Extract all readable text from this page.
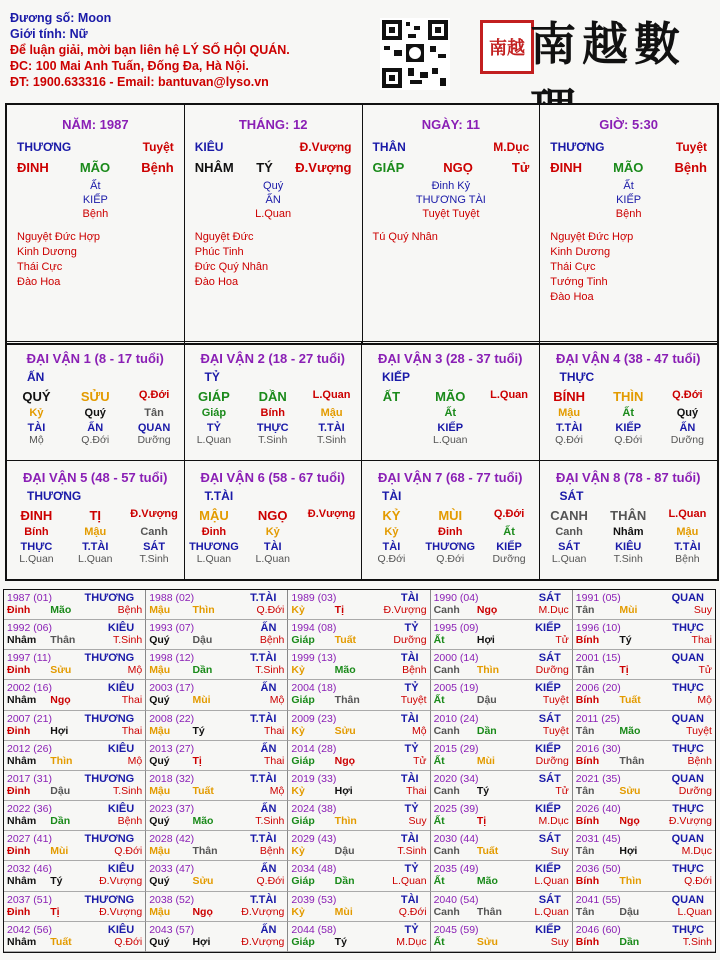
Đương số: Moon
Giới tính: Nữ
Để luận giải, mời bạn liên hệ LÝ SỐ HỘI QUÁN.
ĐC: 100 Mai Anh Tuấn, Đống Đa, Hà Nội.
ĐT: 1900.633316 - Email: bantuvan@lyso.vn
南越 南越數
NĂM: 1987
THƯƠNG	Tuyệt
ĐINH MÃO Bệnh
Ất
KIẾP
Bệnh
Nguyệt Đức Hợp
Kinh Dương
Thái Cực
Đào Hoa
THÁNG: 12
KIÊU	Đ.Vượng
NHÂM TÝ Đ.Vượng
Quý
ẤN
L.Quan
Nguyệt Đức
Phúc Tinh
Đức Quý Nhân
Đào Hoa
NGÀY: 11
THÂN	M.Dục
GIÁP	NGỌ	Tử
Đinh Kỷ
THƯƠNG TÀI
Tuyệt Tuyệt
Tú Quý Nhân
GIỜ: 5:30
THƯƠNG	Tuyệt
ĐINH MÃO Bệnh
Ất
KIẾP
Bệnh
Nguyệt Đức Hợp
Kinh Dương
Thái Cực
Tướng Tinh
Đào Hoa
ĐẠI VẬN 1 (8 - 17 tuổi)
ẤN
QUÝ	SỬU	Q.Đới
Kỷ	Quý	Tân
TÀI	ẤN	QUAN
Mộ	Q.Đới	Dưỡng
ĐẠI VẬN 2 (18 - 27 tuổi)
TỶ
GIÁP	DẦN	L.Quan
Giáp	Bính	Mậu
TỶ	THỰC	T.TÀI
L.Quan	T.Sinh	T.Sinh
ĐẠI VẬN 3 (28 - 37 tuổi)
KIẾP
ẤT	MÃO	L.Quan
Ất
KIẾP
L.Quan
ĐẠI VẬN 4 (38 - 47 tuổi)
THỰC
BÍNH	THÌN	Q.Đới
Mậu	Ất	Quý
T.TÀI	KIẾP	ẤN
Q.Đới	Q.Đới	Dưỡng
ĐẠI VẬN 5 (48 - 57 tuổi)
THƯƠNG
ĐINH	TỊ	Đ.Vượng
Bính	Mậu	Canh
THỰC	T.TÀI	SÁT
L.Quan	L.Quan	T.Sinh
ĐẠI VẬN 6 (58 - 67 tuổi)
T.TÀI
MẬU	NGỌ	Đ.Vượng
Đinh	Kỷ
THƯƠNG	TÀI
L.Quan	L.Quan
ĐẠI VẬN 7 (68 - 77 tuổi)
TÀI
KỶ	MÙI	Q.Đới
Kỷ	Đinh	Ất
TÀI	THƯƠNG	KIẾP
Q.Đới	Q.Đới	Dưỡng
ĐẠI VẬN 8 (78 - 87 tuổi)
SÁT
CANH	THÂN	L.Quan
Canh	Nhâm	Mậu
SÁT	KIÊU	T.TÀI
L.Quan	T.Sinh	Bệnh
1987 (01)	THƯƠNG
Đinh	Mão	Bệnh
1988 (02)	T.TÀI
Mậu	Thìn	Q.Đới
1989 (03)	TÀI
Kỷ	Tị	Đ.Vượng
1990 (04)	SÁT
Canh	Ngọ	M.Dục
1991 (05)	QUAN
Tân	Mùi	Suy
1992 (06)	KIÊU
Nhâm	Thân	T.Sinh
1993 (07)	ẤN
Quý	Dậu	Bệnh
1994 (08)	TỶ
Giáp	Tuất	Dưỡng
1995 (09)	KIẾP
Ất	Hợi	Tử
1996 (10)	THỰC
Bính	Tý	Thai
1997 (11)	THƯƠNG
Đinh	Sửu	Mộ
1998 (12)	T.TÀI
Mậu	Dần	T.Sinh
1999 (13)	TÀI
Kỷ	Mão	Bệnh
2000 (14)	SÁT
Canh	Thìn	Dưỡng
2001 (15)	QUAN
Tân	Tị	Tử
2002 (16)	KIÊU
Nhâm	Ngọ	Thai
2003 (17)	ẤN
Quý	Mùi	Mộ
2004 (18)	TỶ
Giáp	Thân	Tuyệt
2005 (19)	KIẾP
Ất	Dậu	Tuyệt
2006 (20)	THỰC
Bính	Tuất	Mộ
2007 (21)	THƯƠNG
Đinh	Hợi	Thai
2008 (22)	T.TÀI
Mậu	Tý	Thai
2009 (23)	TÀI
Kỷ	Sửu	Mộ
2010 (24)	SÁT
Canh	Dần	Tuyệt
2011 (25)	QUAN
Tân	Mão	Tuyệt
2012 (26)	KIÊU
Nhâm	Thìn	Mộ
2013 (27)	ẤN
Quý	Tị	Thai
2014 (28)	TỶ
Giáp	Ngọ	Tử
2015 (29)	KIẾP
Ất	Mùi	Dưỡng
2016 (30)	THỰC
Bính	Thân	Bệnh
2017 (31)	THƯƠNG
Đinh	Dậu	T.Sinh
2018 (32)	T.TÀI
Mậu	Tuất	Mộ
2019 (33)	TÀI
Kỷ	Hợi	Thai
2020 (34)	SÁT
Canh	Tý	Tử
2021 (35)	QUAN
Tân	Sửu	Dưỡng
2022 (36)	KIÊU
Nhâm	Dần	Bệnh
2023 (37)	ẤN
Quý	Mão	T.Sinh
2024 (38)	TỶ
Giáp	Thìn	Suy
2025 (39)	KIẾP
Ất	Tị	M.Dục
2026 (40)	THỰC
Bính	Ngọ	Đ.Vượng
2027 (41)	THƯƠNG
Đinh	Mùi	Q.Đới
2028 (42)	T.TÀI
Mậu	Thân	Bệnh
2029 (43)	TÀI
Kỷ	Dậu	T.Sinh
2030 (44)	SÁT
Canh	Tuất	Suy
2031 (45)	QUAN
Tân	Hợi	M.Dục
2032 (46)	KIÊU
Nhâm	Tý	Đ.Vượng
2033 (47)	ẤN
Quý	Sửu	Q.Đới
2034 (48)	TỶ
Giáp	Dần	L.Quan
2035 (49)	KIẾP
Ất	Mão	L.Quan
2036 (50)	THỰC
Bính	Thìn	Q.Đới
2037 (51)	THƯƠNG
Đinh	Tị	Đ.Vượng
2038 (52)	T.TÀI
Mậu	Ngọ	Đ.Vượng
2039 (53)	TÀI
Kỷ	Mùi	Q.Đới
2040 (54)	SÁT
Canh	Thân	L.Quan
2041 (55)	QUAN
Tân	Dậu	L.Quan
2042 (56)	KIÊU
Nhâm	Tuất	Q.Đới
2043 (57)	ẤN
Quý	Hợi	Đ.Vượng
2044 (58)	TỶ
Giáp	Tý	M.Dục
2045 (59)	KIẾP
Ất	Sửu	Suy
2046 (60)	THỰC
Bính	Dần	T.Sinh
